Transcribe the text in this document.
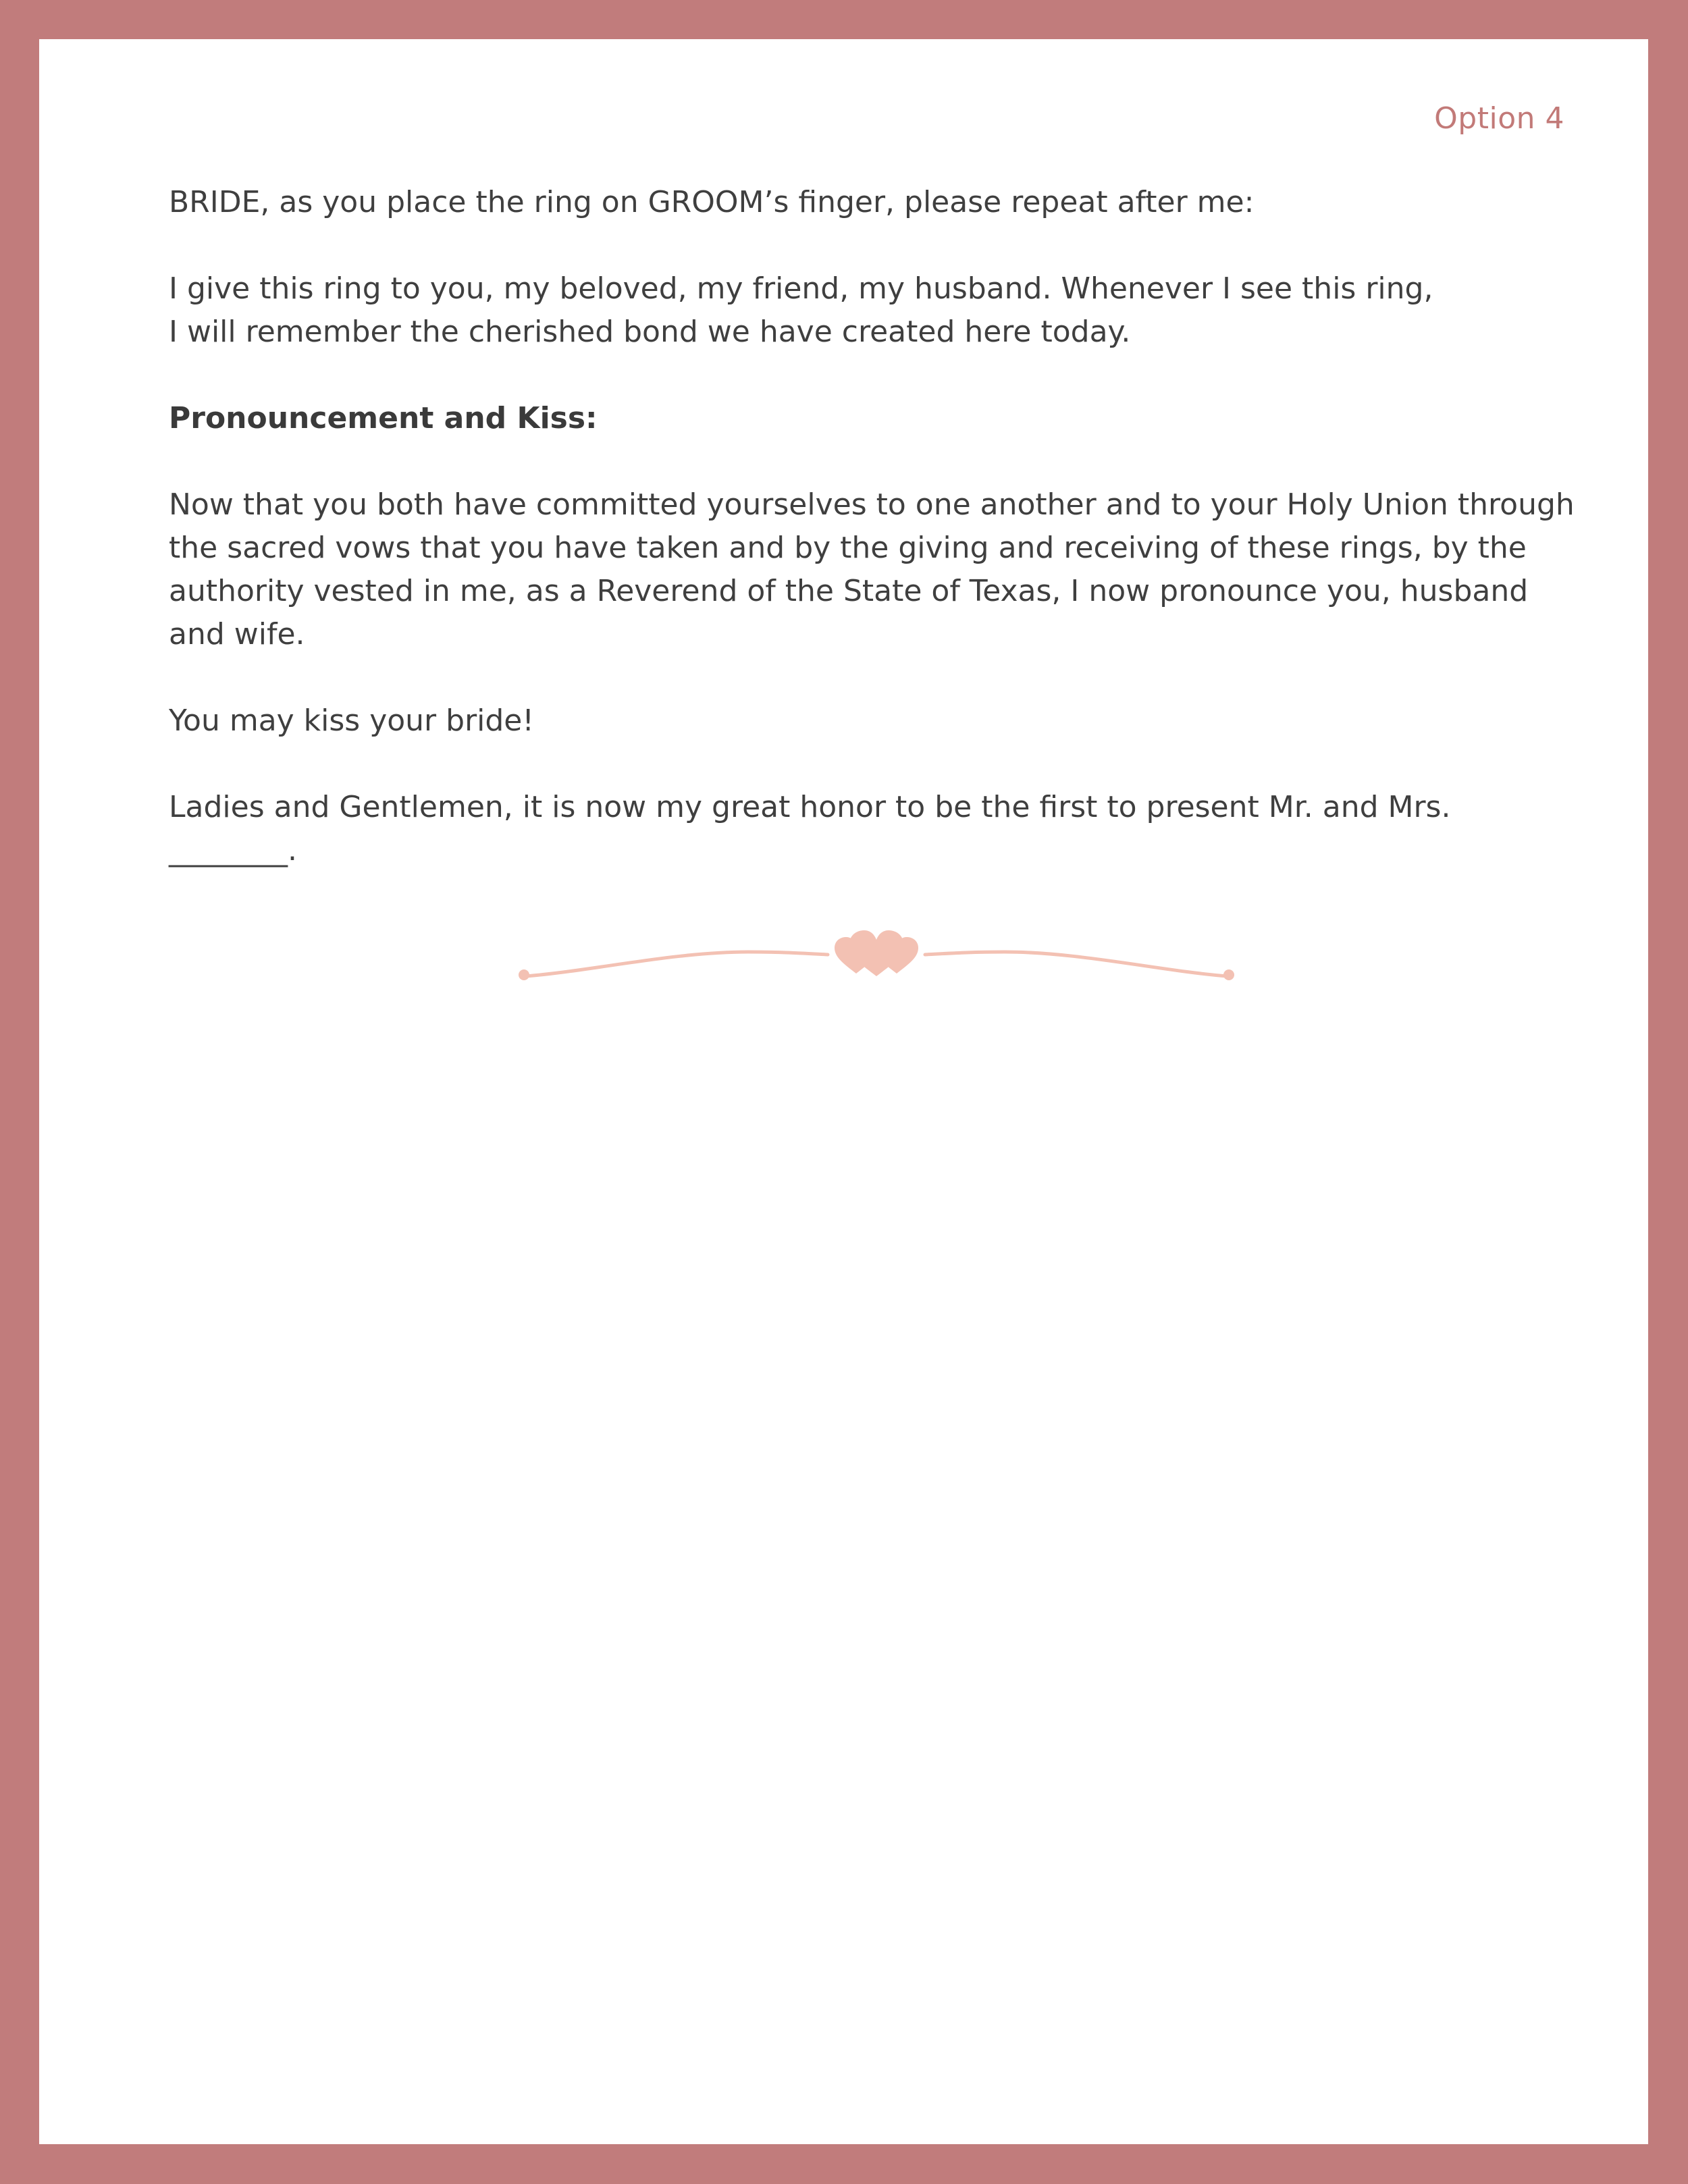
Option 4

BRIDE, as you place the ring on GROOM’s finger, please repeat after me:

I give this ring to you, my beloved, my friend, my husband. Whenever I see this ring,
I will remember the cherished bond we have created here today.

Pronouncement and Kiss:

Now that you both have committed yourselves to one another and to your Holy Union through the sacred vows that you have taken and by the giving and receiving of these rings, by the authority vested in me, as a Reverend of the State of Texas, I now pronounce you, husband and wife.

You may kiss your bride!

Ladies and Gentlemen, it is now my great honor to be the first to present Mr. and Mrs.
________.
